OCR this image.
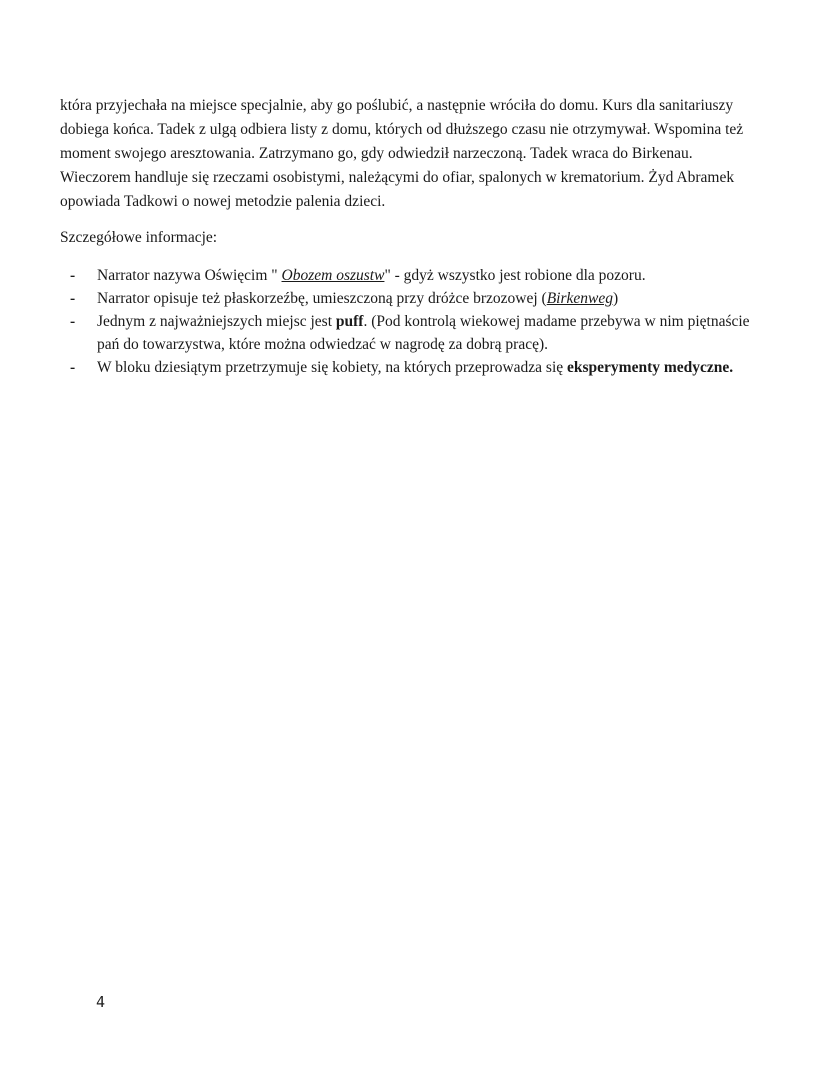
która przyjechała na miejsce specjalnie, aby go poślubić, a następnie wróciła do domu. Kurs dla sanitariuszy dobiega końca. Tadek z ulgą odbiera listy z domu, których od dłuższego czasu nie otrzymywał. Wspomina też moment swojego aresztowania. Zatrzymano go, gdy odwiedził narzeczoną. Tadek wraca do Birkenau. Wieczorem handluje się rzeczami osobistymi, należącymi do ofiar, spalonych w krematorium. Żyd Abramek opowiada Tadkowi o nowej metodzie palenia dzieci.

Szczegółowe informacje:

- Narrator nazywa Oświęcim " Obozem oszustw" - gdyż wszystko jest robione dla pozoru.
- Narrator opisuje też płaskorzeźbę, umieszczoną przy dróżce brzozowej (Birkenweg)
- Jednym z najważniejszych miejsc jest puff. (Pod kontrolą wiekowej madame przebywa w nim piętnaście pań do towarzystwa, które można odwiedzać w nagrodę za dobrą pracę).
- W bloku dziesiątym przetrzymuje się kobiety, na których przeprowadza się eksperymenty medyczne.
4
